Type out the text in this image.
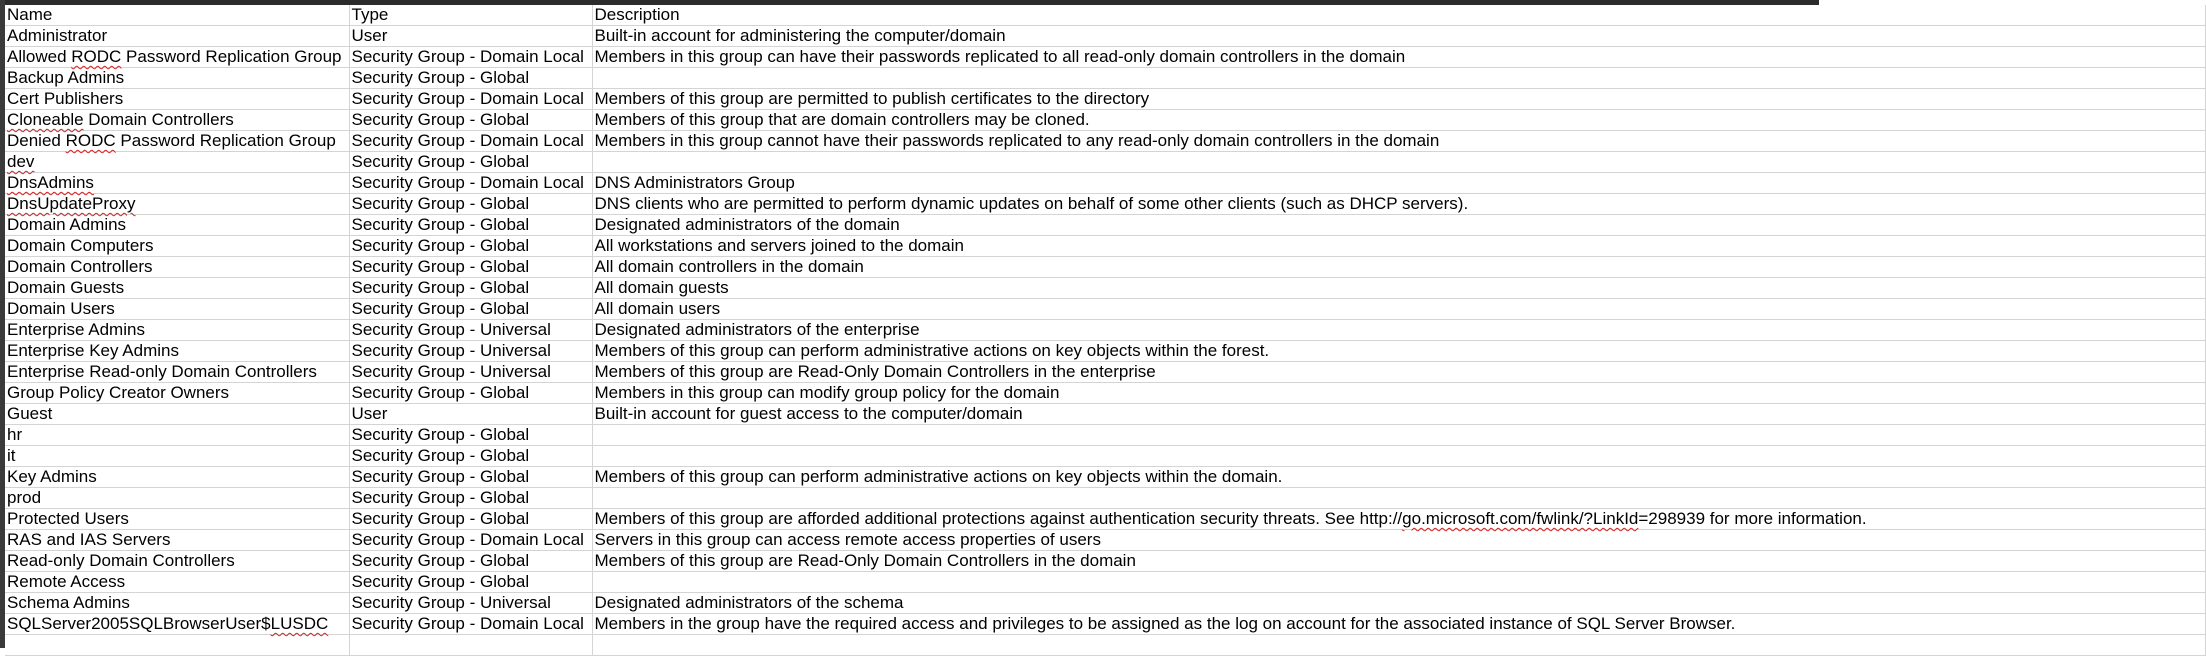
Name	Type	Description
Administrator	User	Built-in account for administering the computer/domain
Allowed RODC Password Replication Group	Security Group - Domain Local	Members in this group can have their passwords replicated to all read-only domain controllers in the domain
Backup Admins	Security Group - Global	
Cert Publishers	Security Group - Domain Local	Members of this group are permitted to publish certificates to the directory
Cloneable Domain Controllers	Security Group - Global	Members of this group that are domain controllers may be cloned.
Denied RODC Password Replication Group	Security Group - Domain Local	Members in this group cannot have their passwords replicated to any read-only domain controllers in the domain
dev	Security Group - Global	
DnsAdmins	Security Group - Domain Local	DNS Administrators Group
DnsUpdateProxy	Security Group - Global	DNS clients who are permitted to perform dynamic updates on behalf of some other clients (such as DHCP servers).
Domain Admins	Security Group - Global	Designated administrators of the domain
Domain Computers	Security Group - Global	All workstations and servers joined to the domain
Domain Controllers	Security Group - Global	All domain controllers in the domain
Domain Guests	Security Group - Global	All domain guests
Domain Users	Security Group - Global	All domain users
Enterprise Admins	Security Group - Universal	Designated administrators of the enterprise
Enterprise Key Admins	Security Group - Universal	Members of this group can perform administrative actions on key objects within the forest.
Enterprise Read-only Domain Controllers	Security Group - Universal	Members of this group are Read-Only Domain Controllers in the enterprise
Group Policy Creator Owners	Security Group - Global	Members in this group can modify group policy for the domain
Guest	User	Built-in account for guest access to the computer/domain
hr	Security Group - Global	
it	Security Group - Global	
Key Admins	Security Group - Global	Members of this group can perform administrative actions on key objects within the domain.
prod	Security Group - Global	
Protected Users	Security Group - Global	Members of this group are afforded additional protections against authentication security threats. See http://go.microsoft.com/fwlink/?LinkId=298939 for more information.
RAS and IAS Servers	Security Group - Domain Local	Servers in this group can access remote access properties of users
Read-only Domain Controllers	Security Group - Global	Members of this group are Read-Only Domain Controllers in the domain
Remote Access	Security Group - Global	
Schema Admins	Security Group - Universal	Designated administrators of the schema
SQLServer2005SQLBrowserUser$LUSDC	Security Group - Domain Local	Members in the group have the required access and privileges to be assigned as the log on account for the associated instance of SQL Server Browser.
